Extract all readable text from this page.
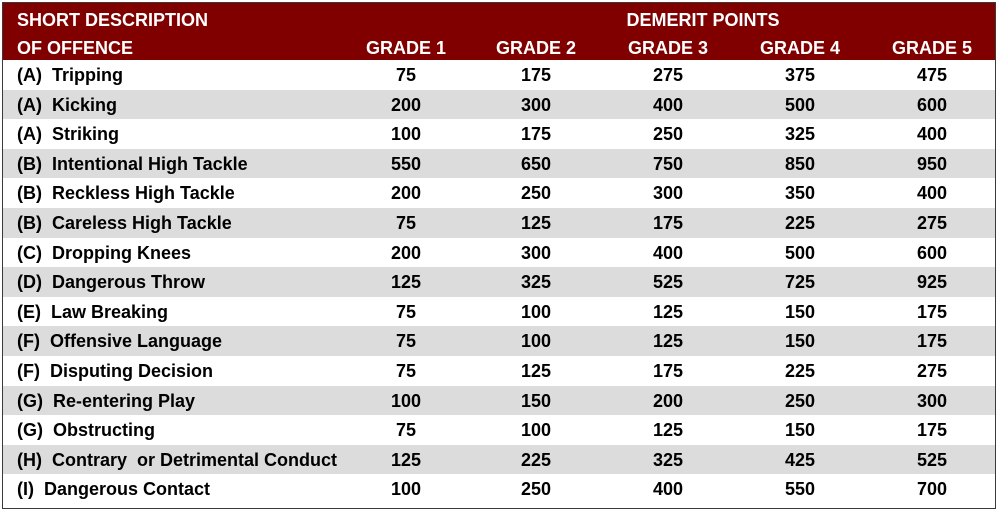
SHORT DESCRIPTION
OF OFFENCE
DEMERIT POINTS
GRADE 1	GRADE 2	GRADE 3	GRADE 4	GRADE 5
(A)  Tripping	75	175	275	375	475
(A)  Kicking	200	300	400	500	600
(A)  Striking	100	175	250	325	400
(B)  Intentional High Tackle	550	650	750	850	950
(B)  Reckless High Tackle	200	250	300	350	400
(B)  Careless High Tackle	75	125	175	225	275
(C)  Dropping Knees	200	300	400	500	600
(D)  Dangerous Throw	125	325	525	725	925
(E)  Law Breaking	75	100	125	150	175
(F)  Offensive Language	75	100	125	150	175
(F)  Disputing Decision	75	125	175	225	275
(G)  Re-entering Play	100	150	200	250	300
(G)  Obstructing	75	100	125	150	175
(H)  Contrary  or Detrimental Conduct	125	225	325	425	525
(I)  Dangerous Contact	100	250	400	550	700
